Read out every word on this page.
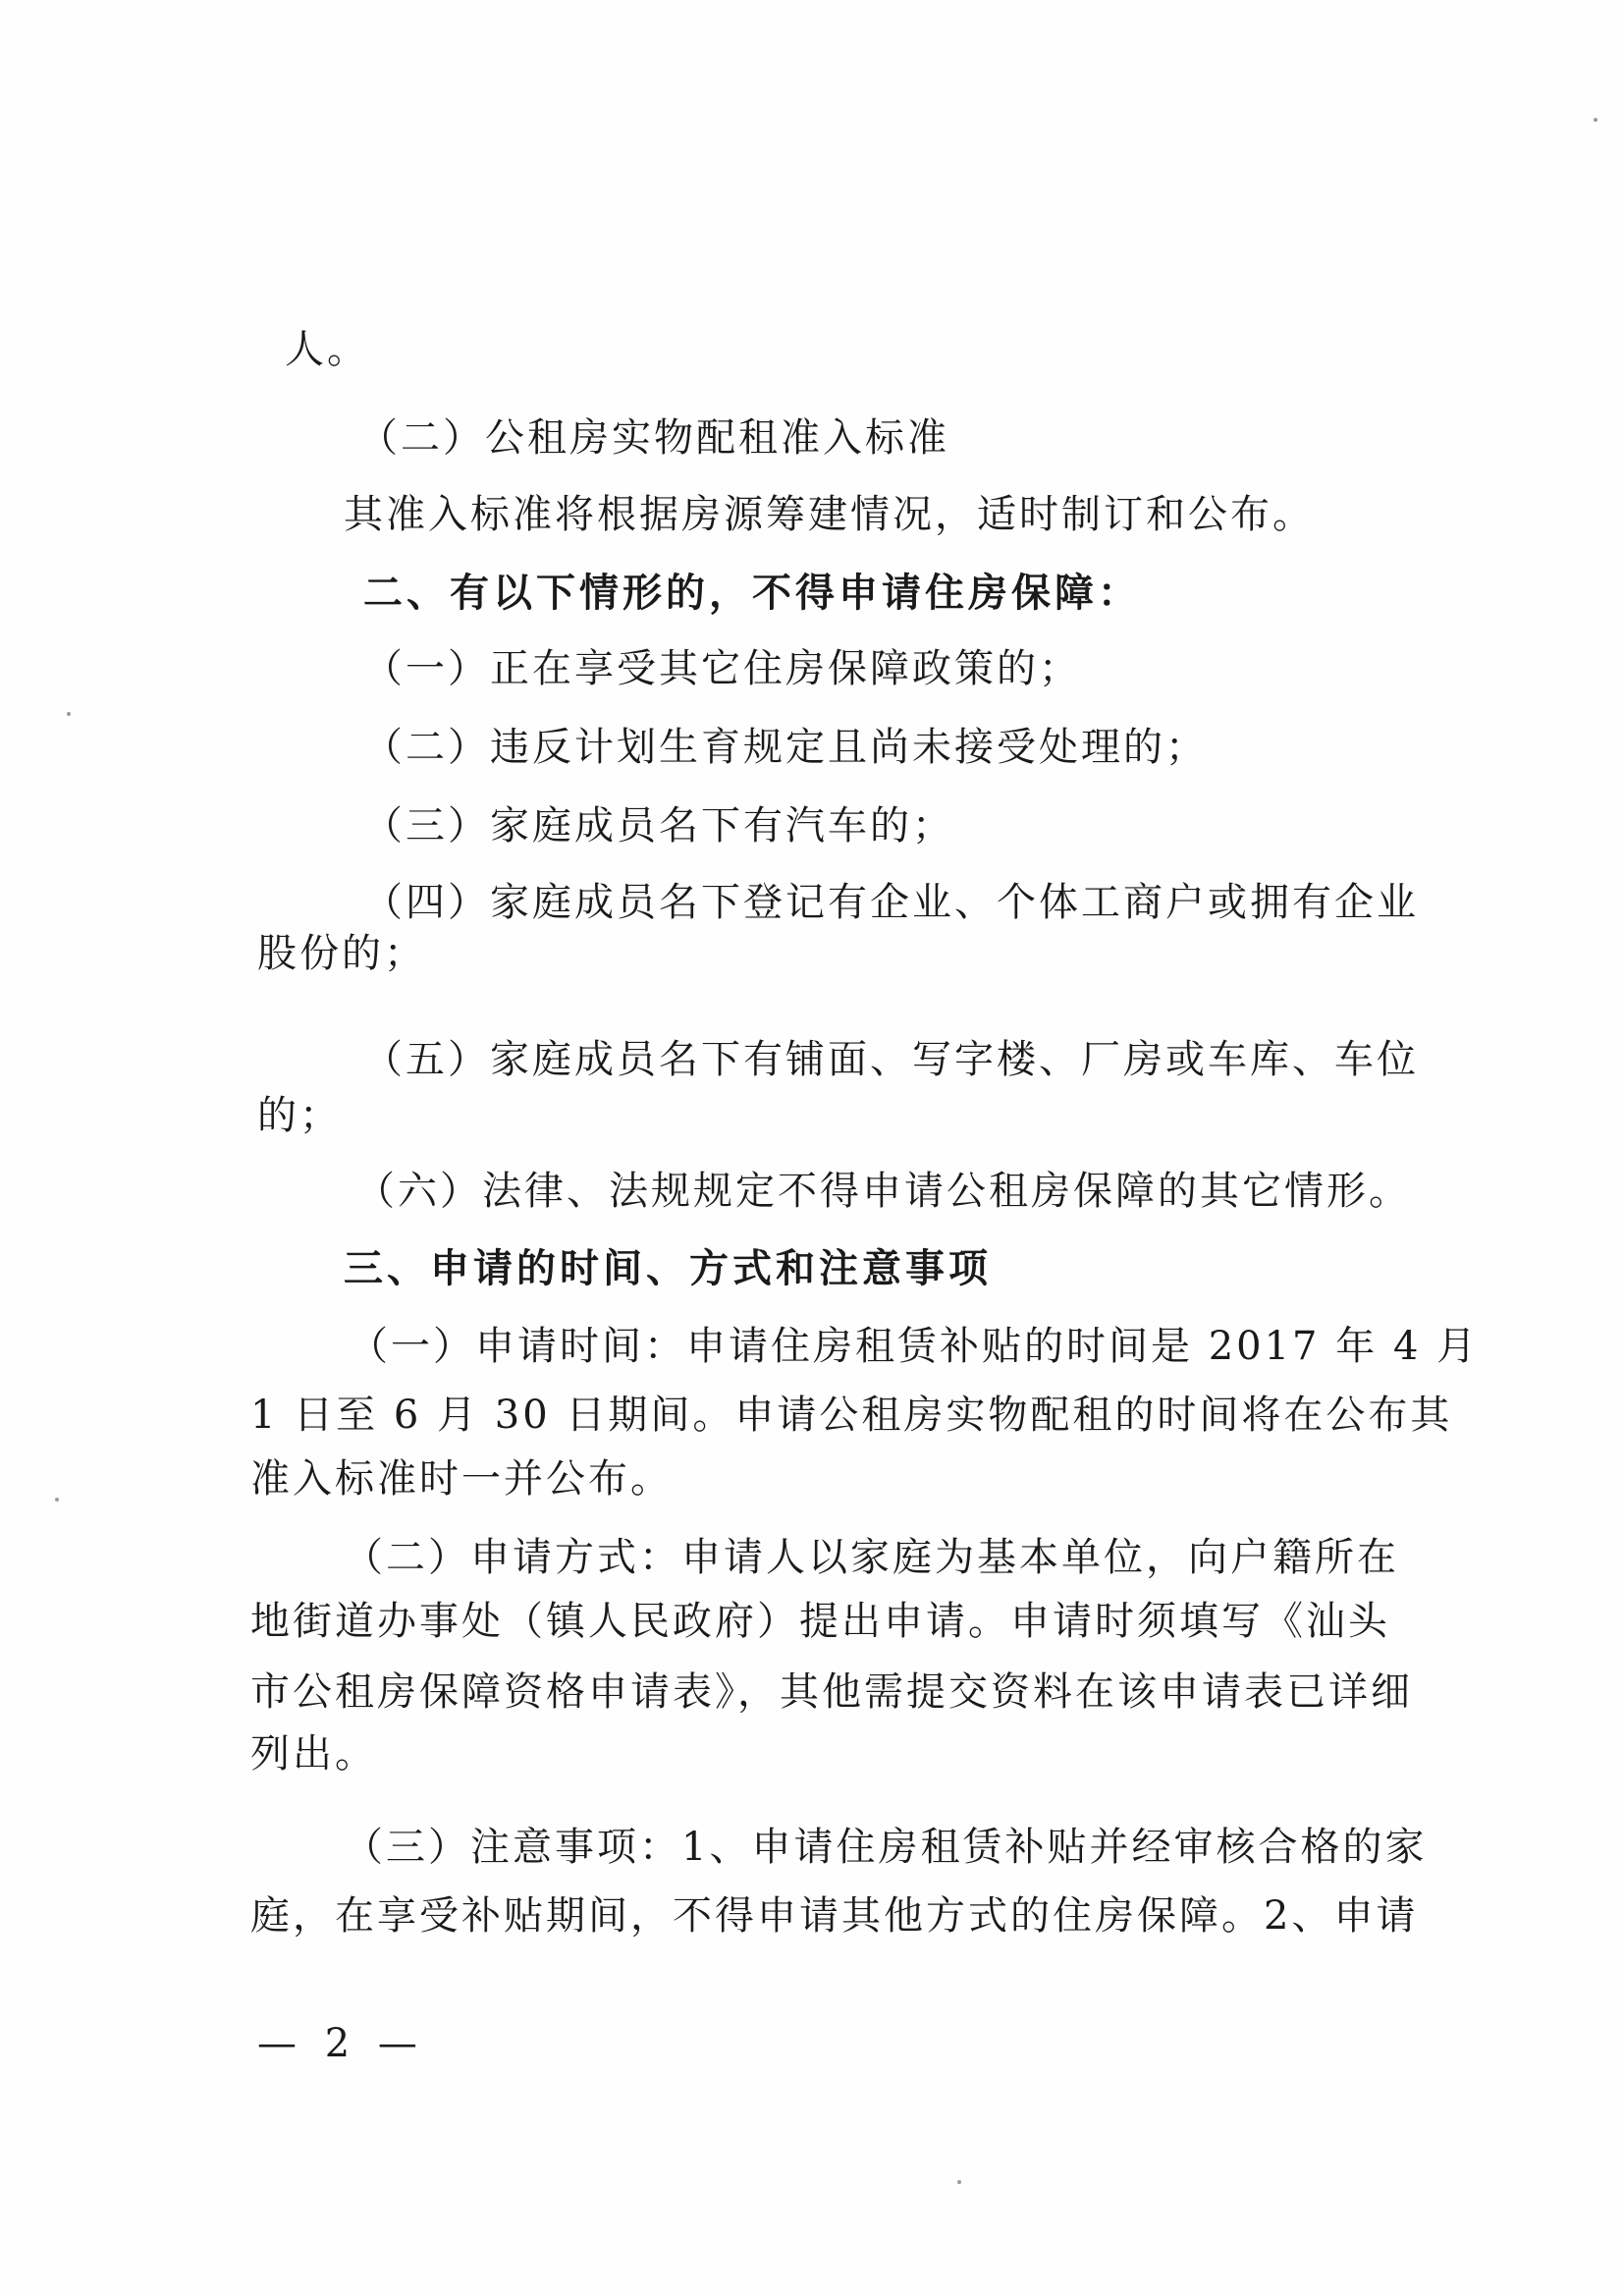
人。
（二）公租房实物配租准入标准
其准入标准将根据房源筹建情况，适时制订和公布。
二、有以下情形的，不得申请住房保障：
（一）正在享受其它住房保障政策的；
（二）违反计划生育规定且尚未接受处理的；
（三）家庭成员名下有汽车的；
（四）家庭成员名下登记有企业、个体工商户或拥有企业
股份的；
（五）家庭成员名下有铺面、写字楼、厂房或车库、车位
的；
（六）法律、法规规定不得申请公租房保障的其它情形。
三、申请的时间、方式和注意事项
（一）申请时间：申请住房租赁补贴的时间是 2017 年 4 月
1 日至 6 月 30 日期间。申请公租房实物配租的时间将在公布其
准入标准时一并公布。
（二）申请方式：申请人以家庭为基本单位，向户籍所在
地街道办事处（镇人民政府）提出申请。申请时须填写《汕头
市公租房保障资格申请表》，其他需提交资料在该申请表已详细
列出。
（三）注意事项：1、申请住房租赁补贴并经审核合格的家
庭，在享受补贴期间，不得申请其他方式的住房保障。2、申请
— 2 —
